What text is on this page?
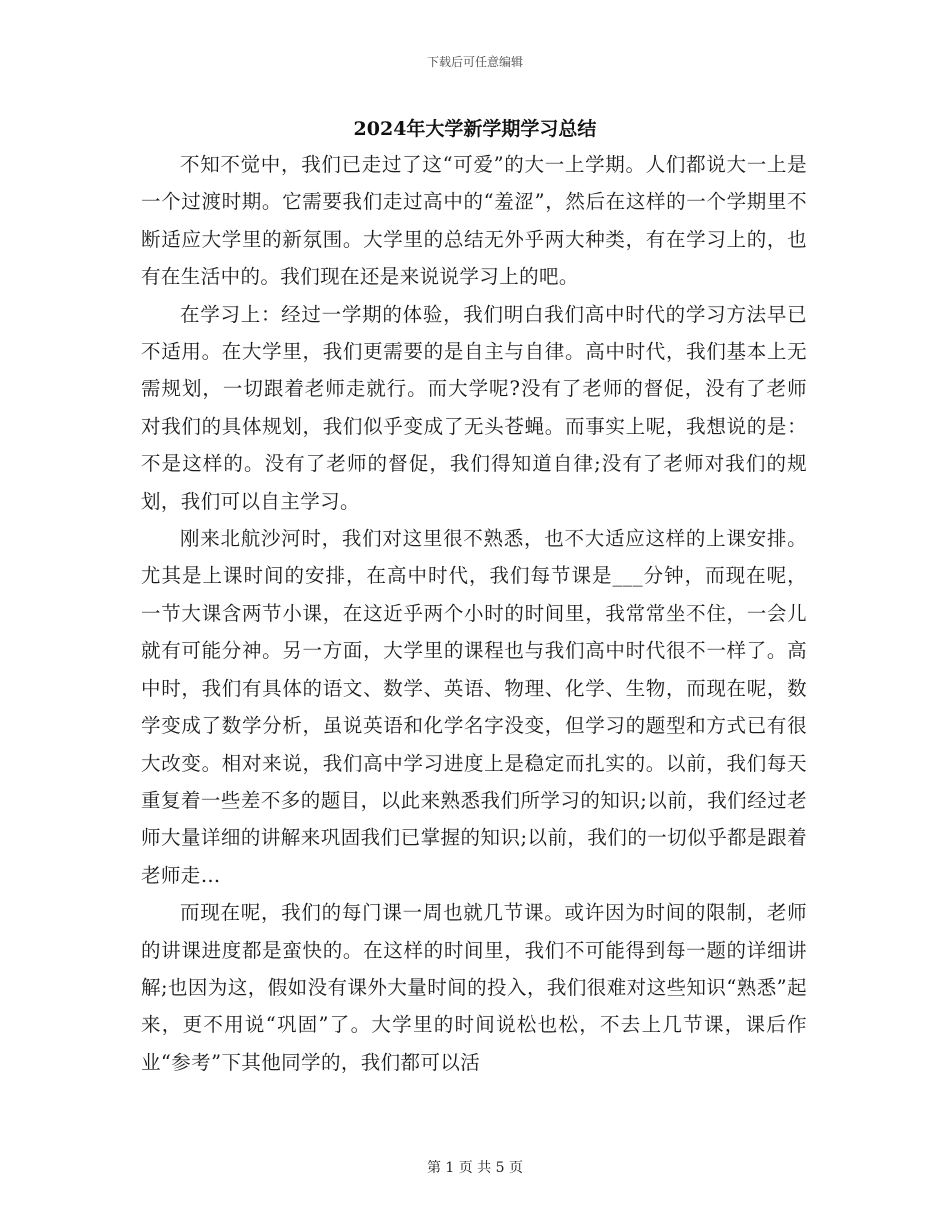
下载后可任意编辑
2024年大学新学期学习总结

不知不觉中，我们已走过了这“可爱”的大一上学期。人们都说大一上是一个过渡时期。它需要我们走过高中的“羞涩”，然后在这样的一个学期里不断适应大学里的新氛围。大学里的总结无外乎两大种类，有在学习上的，也有在生活中的。我们现在还是来说说学习上的吧。

在学习上：经过一学期的体验，我们明白我们高中时代的学习方法早已不适用。在大学里，我们更需要的是自主与自律。高中时代，我们基本上无需规划，一切跟着老师走就行。而大学呢?没有了老师的督促，没有了老师对我们的具体规划，我们似乎变成了无头苍蝇。而事实上呢，我想说的是：不是这样的。没有了老师的督促，我们得知道自律;没有了老师对我们的规划，我们可以自主学习。

刚来北航沙河时，我们对这里很不熟悉，也不大适应这样的上课安排。尤其是上课时间的安排，在高中时代，我们每节课是___分钟，而现在呢，一节大课含两节小课，在这近乎两个小时的时间里，我常常坐不住，一会儿就有可能分神。另一方面，大学里的课程也与我们高中时代很不一样了。高中时，我们有具体的语文、数学、英语、物理、化学、生物，而现在呢，数学变成了数学分析，虽说英语和化学名字没变，但学习的题型和方式已有很大改变。相对来说，我们高中学习进度上是稳定而扎实的。以前，我们每天重复着一些差不多的题目，以此来熟悉我们所学习的知识;以前，我们经过老师大量详细的讲解来巩固我们已掌握的知识;以前，我们的一切似乎都是跟着老师走…

而现在呢，我们的每门课一周也就几节课。或许因为时间的限制，老师的讲课进度都是蛮快的。在这样的时间里，我们不可能得到每一题的详细讲解;也因为这，假如没有课外大量时间的投入，我们很难对这些知识“熟悉”起来，更不用说“巩固”了。大学里的时间说松也松，不去上几节课，课后作业“参考”下其他同学的，我们都可以活

第 1 页 共 5 页
